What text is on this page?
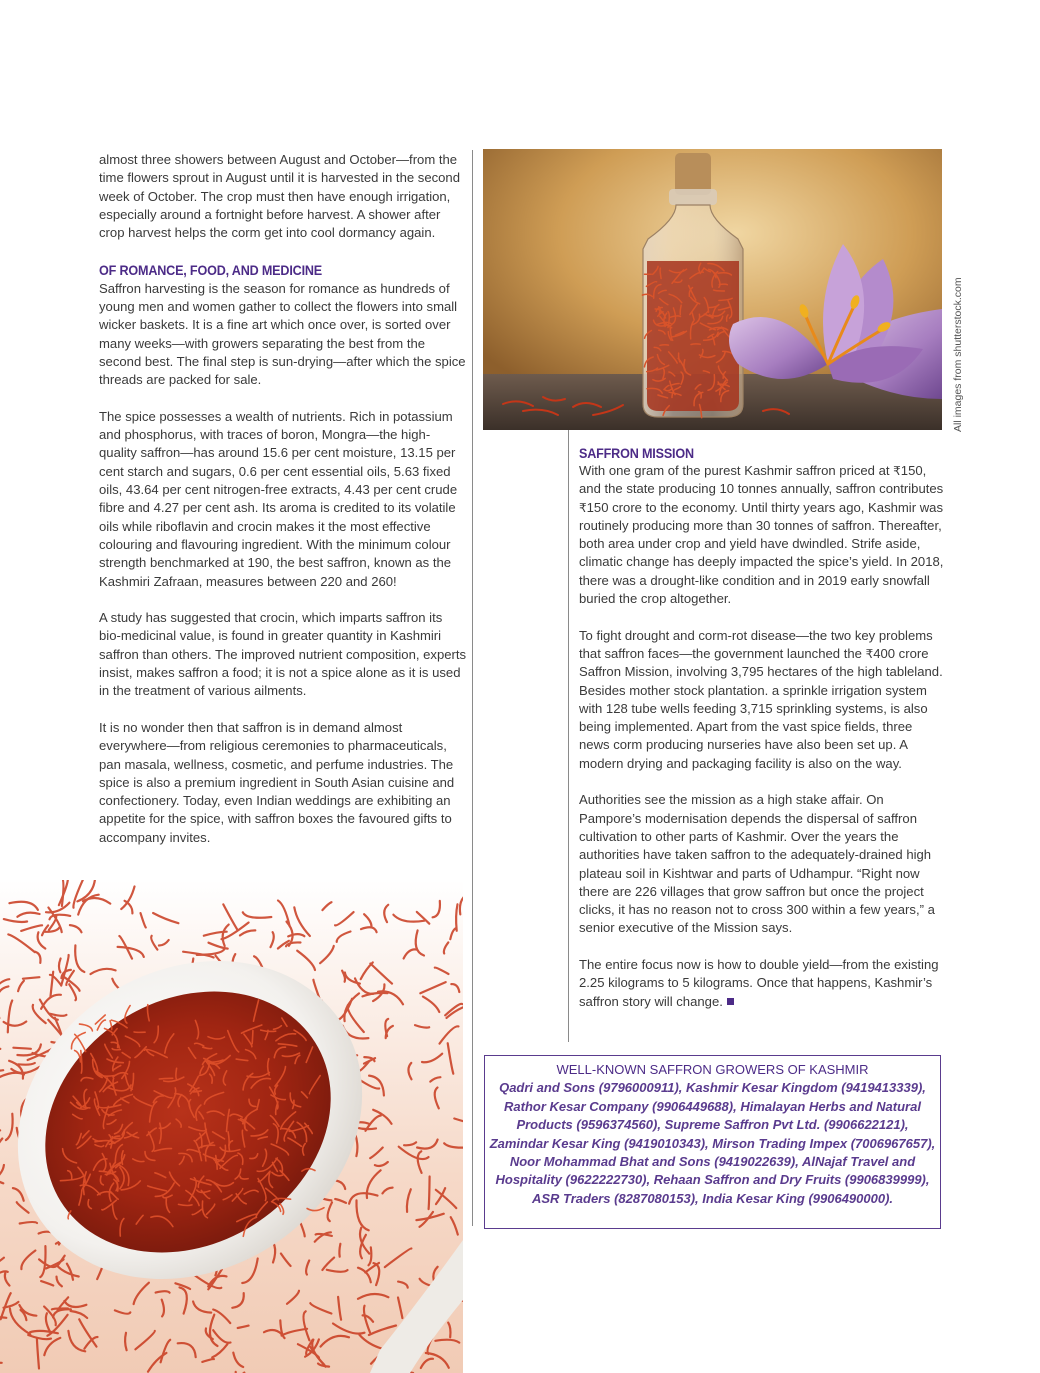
almost three showers between August and October—from the time flowers sprout in August until it is harvested in the second week of October. The crop must then have enough irrigation, especially around a fortnight before harvest. A shower after crop harvest helps the corm get into cool dormancy again.

OF ROMANCE, FOOD, AND MEDICINE

Saffron harvesting is the season for romance as hundreds of young men and women gather to collect the flowers into small wicker baskets. It is a fine art which once over, is sorted over many weeks—with growers separating the best from the second best. The final step is sun-drying—after which the spice threads are packed for sale.

The spice possesses a wealth of nutrients. Rich in potassium and phosphorus, with traces of boron, Mongra—the high-quality saffron—has around 15.6 per cent moisture, 13.15 per cent starch and sugars, 0.6 per cent essential oils, 5.63 fixed oils, 43.64 per cent nitrogen-free extracts, 4.43 per cent crude fibre and 4.27 per cent ash. Its aroma is credited to its volatile oils while riboflavin and crocin makes it the most effective colouring and flavouring ingredient. With the minimum colour strength benchmarked at 190, the best saffron, known as the Kashmiri Zafraan, measures between 220 and 260!

A study has suggested that crocin, which imparts saffron its bio-medicinal value, is found in greater quantity in Kashmiri saffron than others. The improved nutrient composition, experts insist, makes saffron a food; it is not a spice alone as it is used in the treatment of various ailments.

It is no wonder then that saffron is in demand almost everywhere—from religious ceremonies to pharmaceuticals, pan masala, wellness, cosmetic, and perfume industries. The spice is also a premium ingredient in South Asian cuisine and confectionery. Today, even Indian weddings are exhibiting an appetite for the spice, with saffron boxes the favoured gifts to accompany invites.

All images from shutterstock.com
SAFFRON MISSION

With one gram of the purest Kashmir saffron priced at ₹150, and the state producing 10 tonnes annually, saffron contributes ₹150 crore to the economy. Until thirty years ago, Kashmir was routinely producing more than 30 tonnes of saffron. Thereafter, both area under crop and yield have dwindled. Strife aside, climatic change has deeply impacted the spice’s yield. In 2018, there was a drought-like condition and in 2019 early snowfall buried the crop altogether.

To fight drought and corm-rot disease—the two key problems that saffron faces—the government launched the ₹400 crore Saffron Mission, involving 3,795 hectares of the high tableland. Besides mother stock plantation. a sprinkle irrigation system with 128 tube wells feeding 3,715 sprinkling systems, is also being implemented. Apart from the vast spice fields, three news corm producing nurseries have also been set up. A modern drying and packaging facility is also on the way.

Authorities see the mission as a high stake affair. On Pampore’s modernisation depends the dispersal of saffron cultivation to other parts of Kashmir. Over the years the authorities have taken saffron to the adequately-drained high plateau soil in Kishtwar and parts of Udhampur. “Right now there are 226 villages that grow saffron but once the project clicks, it has no reason not to cross 300 within a few years,” a senior executive of the Mission says.

The entire focus now is how to double yield—from the existing 2.25 kilograms to 5 kilograms. Once that happens, Kashmir’s saffron story will change.

WELL-KNOWN SAFFRON GROWERS OF KASHMIR
Qadri and Sons (9796000911), Kashmir Kesar Kingdom (9419413339), Rathor Kesar Company (9906449688), Himalayan Herbs and Natural Products (9596374560), Supreme Saffron Pvt Ltd. (9906622121), Zamindar Kesar King (9419010343), Mirson Trading Impex (7006967657), Noor Mohammad Bhat and Sons (9419022639), AlNajaf Travel and Hospitality (9622222730), Rehaan Saffron and Dry Fruits (9906839999), ASR Traders (8287080153), India Kesar King (9906490000).
